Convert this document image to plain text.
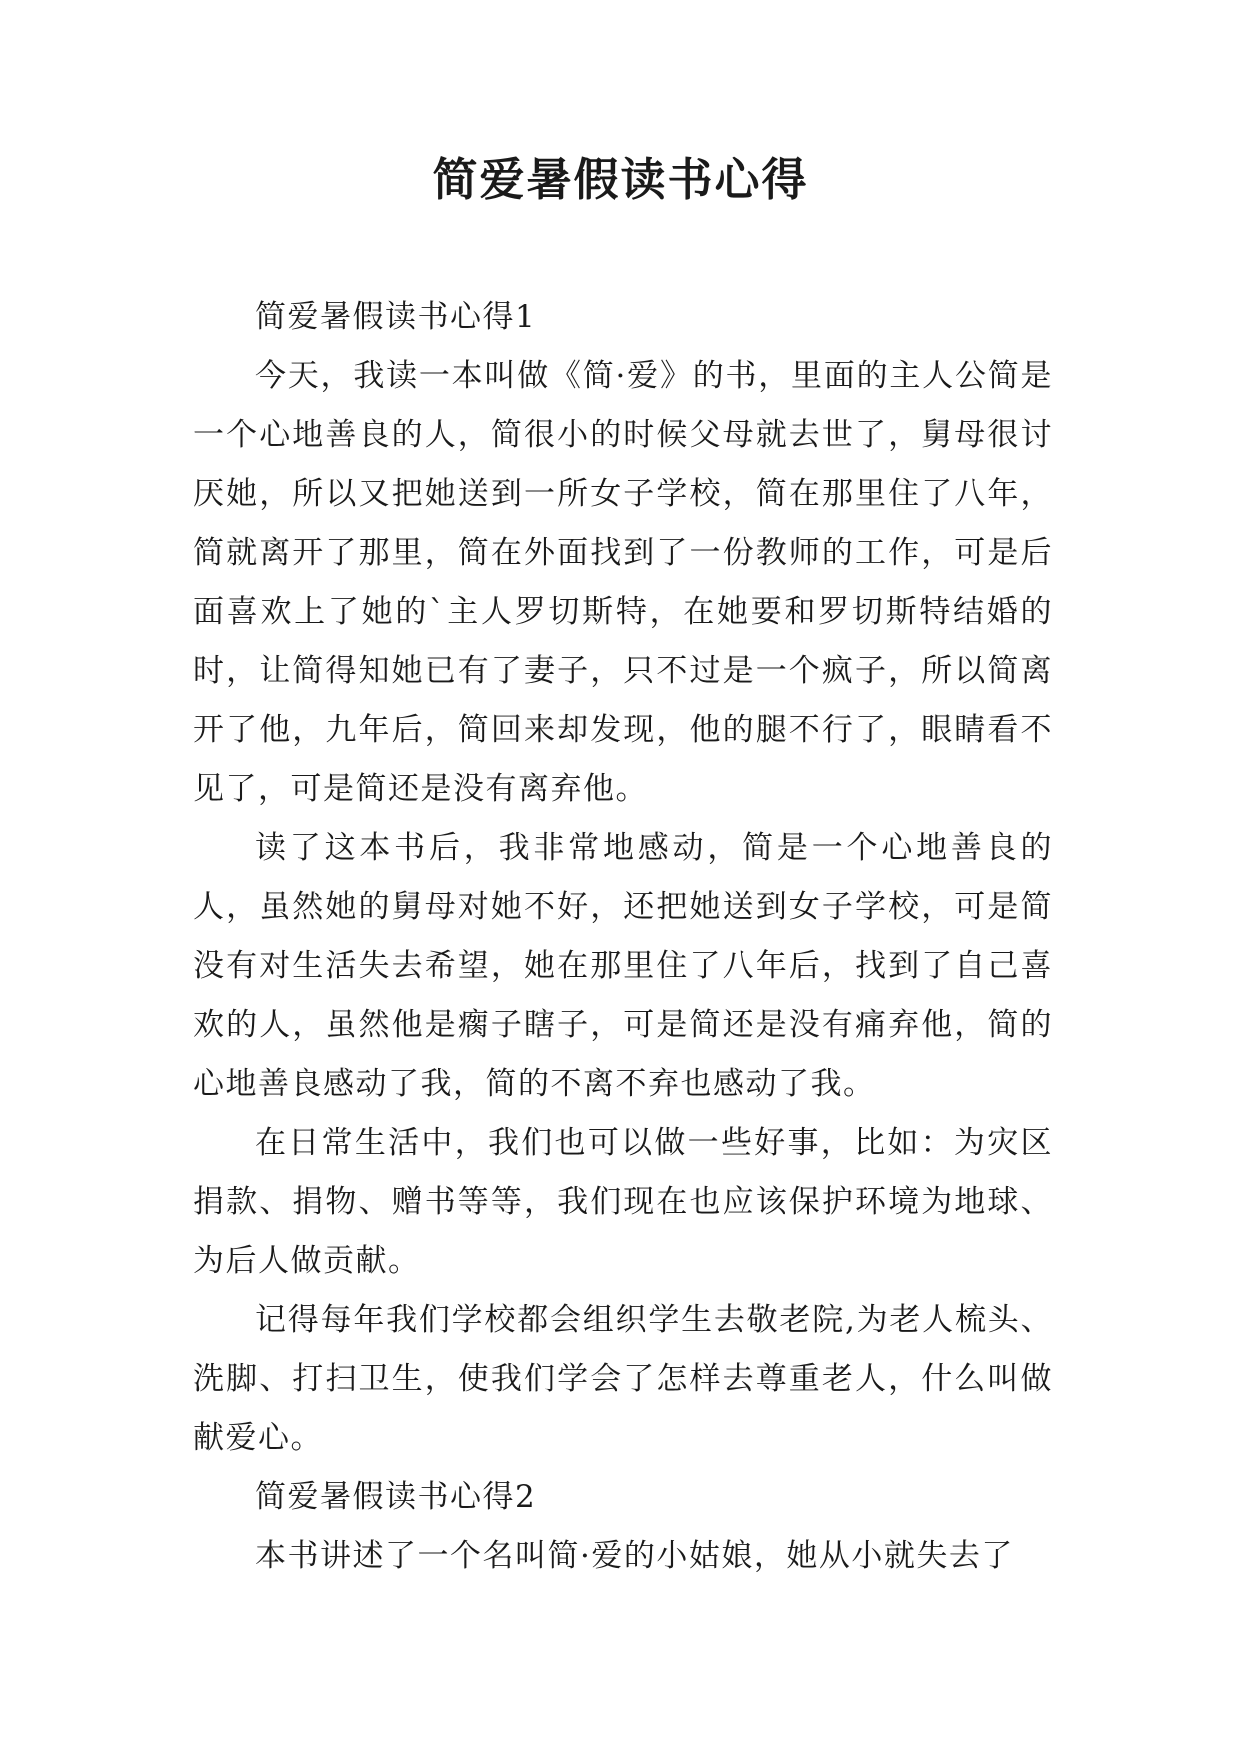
简爱暑假读书心得

简爱暑假读书心得1

今天，我读一本叫做《简·爱》的书，里面的主人公简是一个心地善良的人，简很小的时候父母就去世了，舅母很讨厌她，所以又把她送到一所女子学校，简在那里住了八年，简就离开了那里，简在外面找到了一份教师的工作，可是后面喜欢上了她的`主人罗切斯特，在她要和罗切斯特结婚的时，让简得知她已有了妻子，只不过是一个疯子，所以简离开了他，九年后，简回来却发现，他的腿不行了，眼睛看不见了，可是简还是没有离弃他。

读了这本书后，我非常地感动，简是一个心地善良的人，虽然她的舅母对她不好，还把她送到女子学校，可是简没有对生活失去希望，她在那里住了八年后，找到了自己喜欢的人，虽然他是瘸子瞎子，可是简还是没有痛弃他，简的心地善良感动了我，简的不离不弃也感动了我。

在日常生活中，我们也可以做一些好事，比如：为灾区捐款、捐物、赠书等等，我们现在也应该保护环境为地球、为后人做贡献。

记得每年我们学校都会组织学生去敬老院,为老人梳头、洗脚、打扫卫生，使我们学会了怎样去尊重老人，什么叫做献爱心。

简爱暑假读书心得2

本书讲述了一个名叫简·爱的小姑娘，她从小就失去了
